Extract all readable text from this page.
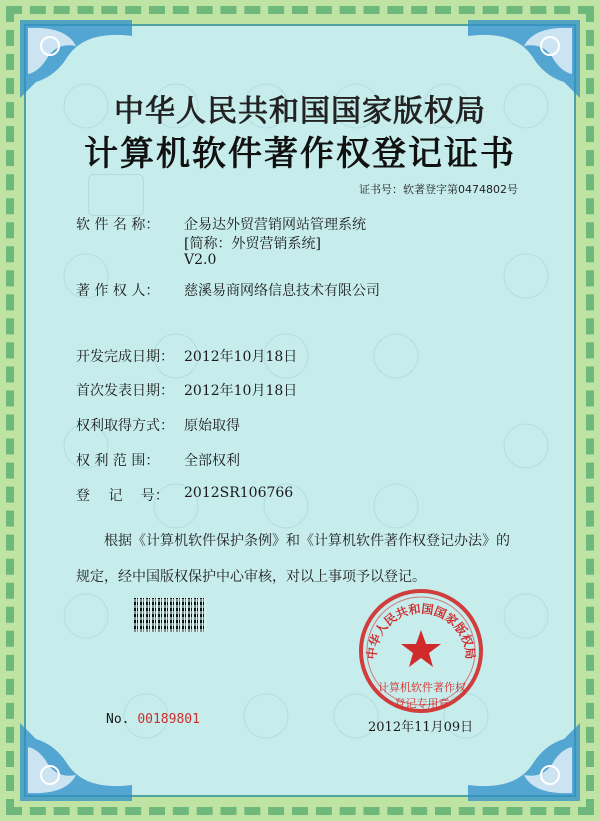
中华人民共和国国家版权局
计算机软件著作权登记证书
证书号：软著登字第0474802号
软 件 名 称：	企易达外贸营销网站管理系统
[简称：外贸营销系统]
V2.0
著 作 权 人：	慈溪易商网络信息技术有限公司
开发完成日期： 2012年10月18日
首次发表日期： 2012年10月18日
权利取得方式： 原始取得
权 利 范 围：	全部权利
登　 记　 号：	2012SR106766
根据《计算机软件保护条例》和《计算机软件著作权登记办法》的
规定，经中国版权保护中心审核，对以上事项予以登记。
中华人民共和国国家版权局
计算机软件著作权
登记专用章
No. 00189801
2012年11月09日
